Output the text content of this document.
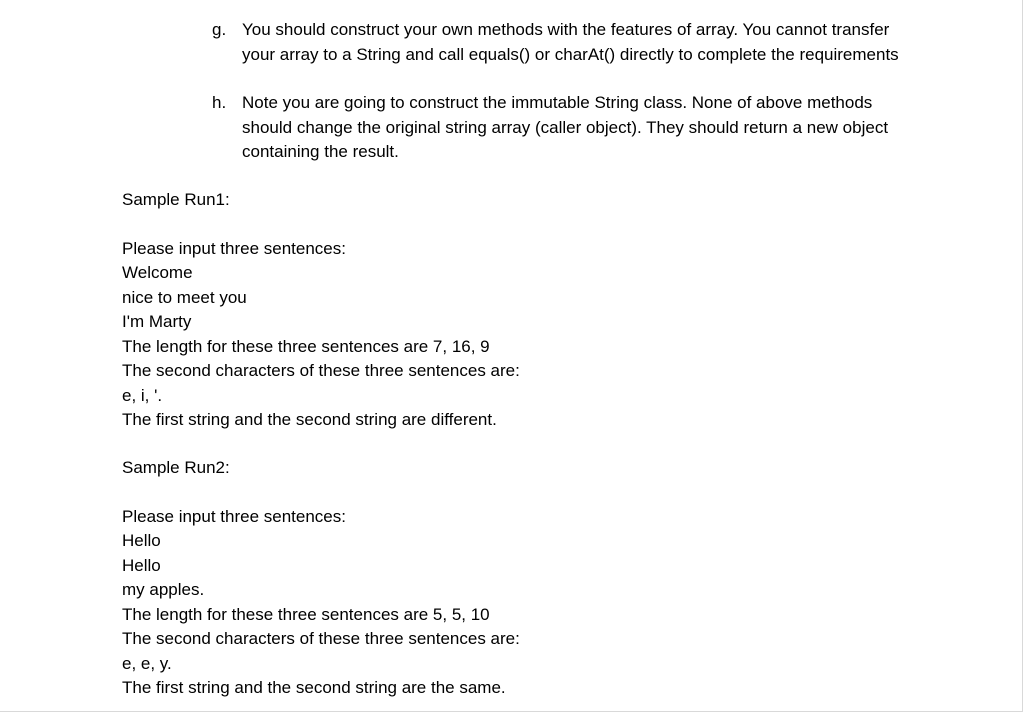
g. You should construct your own methods with the features of array. You cannot transfer your array to a String and call equals() or charAt() directly to complete the requirements
h. Note you are going to construct the immutable String class. None of above methods should change the original string array (caller object). They should return a new object containing the result.
Sample Run1:
Please input three sentences:
Welcome
nice to meet you
I'm Marty
The length for these three sentences are 7, 16, 9
The second characters of these three sentences are:
e, i, '.
The first string and the second string are different.
Sample Run2:
Please input three sentences:
Hello
Hello
my apples.
The length for these three sentences are 5, 5, 10
The second characters of these three sentences are:
e, e, y.
The first string and the second string are the same.
